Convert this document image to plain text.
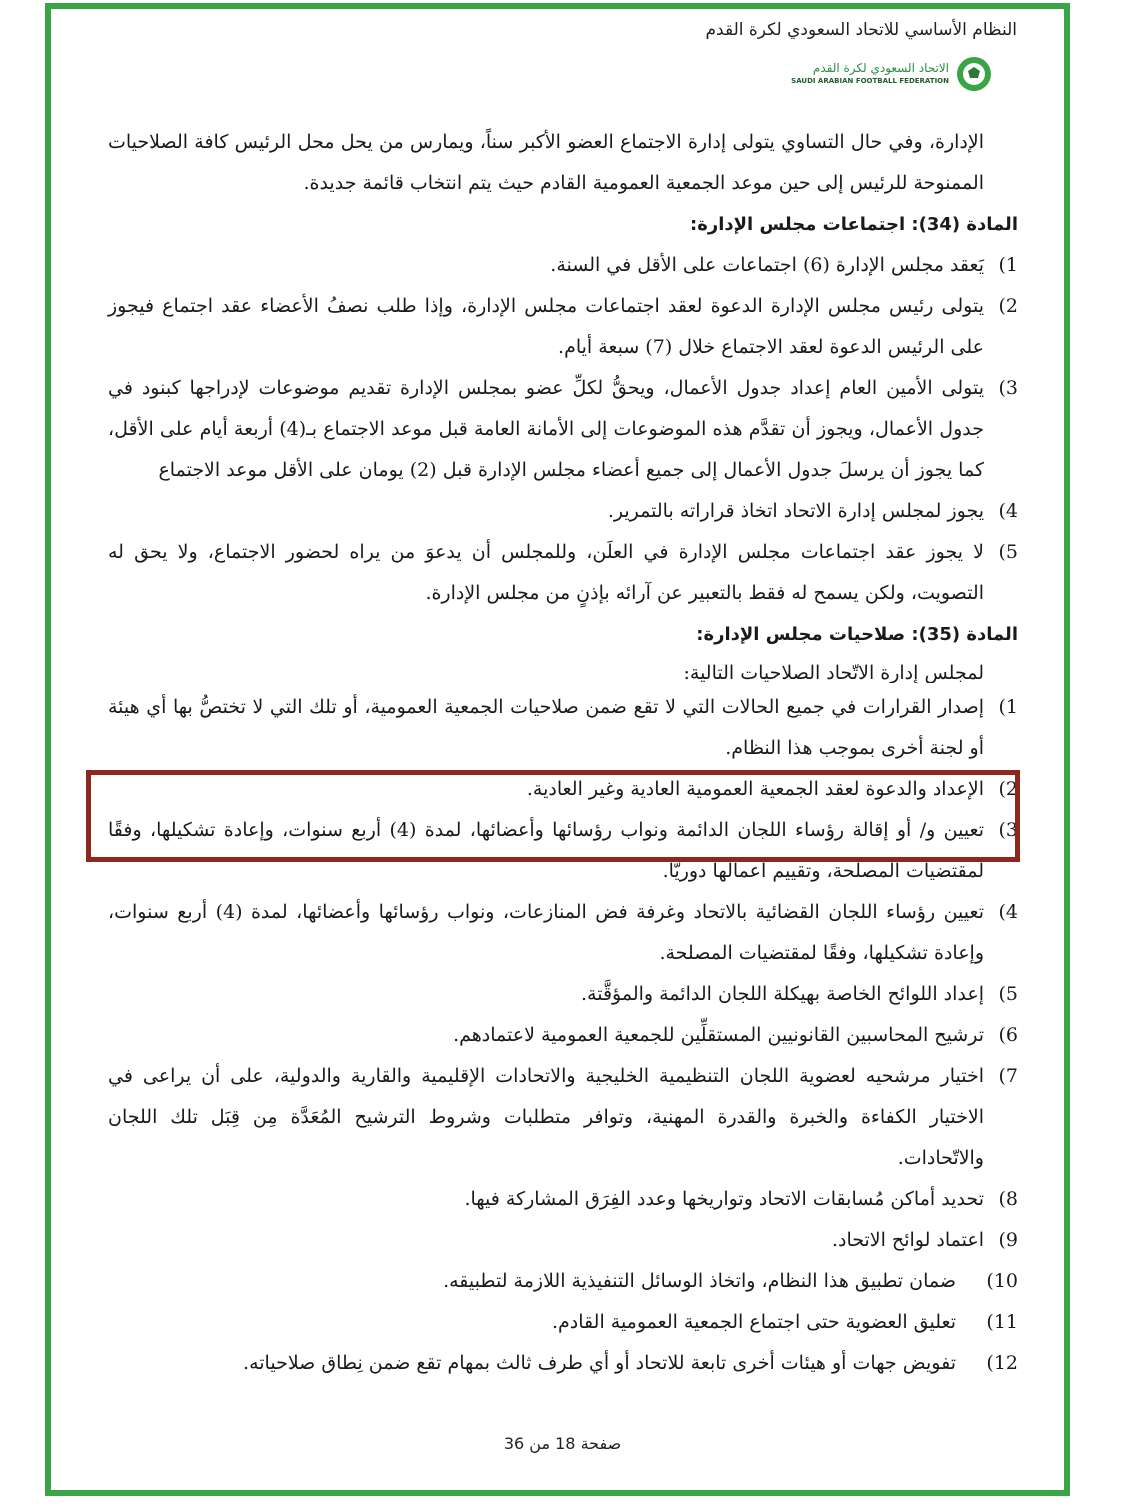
النظام الأساسي للاتحاد السعودي لكرة القدم
الاتحاد السعودي لكرة القدم
SAUDI ARABIAN FOOTBALL FEDERATION

الإدارة، وفي حال التساوي يتولى إدارة الاجتماع العضو الأكبر سناً، ويمارس من يحل محل الرئيس كافة الصلاحيات الممنوحة للرئيس إلى حين موعد الجمعية العمومية القادم حيث يتم انتخاب قائمة جديدة.

المادة (34): اجتماعات مجلس الإدارة:

1)
يَعقد مجلس الإدارة (6) اجتماعات على الأقل في السنة.
2)
يتولى رئيس مجلس الإدارة الدعوة لعقد اجتماعات مجلس الإدارة، وإذا طلب نصفُ الأعضاء عقد اجتماع فيجوز على الرئيس الدعوة لعقد الاجتماع خلال (7) سبعة أيام.
3)
يتولى الأمين العام إعداد جدول الأعمال، ويحقُّ لكلِّ عضو بمجلس الإدارة تقديم موضوعات لإدراجها كبنود في جدول الأعمال، ويجوز أن تقدَّم هذه الموضوعات إلى الأمانة العامة قبل موعد الاجتماع بـ(4) أربعة أيام على الأقل، كما يجوز أن يرسلَ جدول الأعمال إلى جميع أعضاء مجلس الإدارة قبل (2) يومان على الأقل موعد الاجتماع
4)
يجوز لمجلس إدارة الاتحاد اتخاذ قراراته بالتمرير.
5)
لا يجوز عقد اجتماعات مجلس الإدارة في العلَن، وللمجلس أن يدعوَ من يراه لحضور الاجتماع، ولا يحق له التصويت، ولكن يسمح له فقط بالتعبير عن آرائه بإذنٍ من مجلس الإدارة.

المادة (35): صلاحيات مجلس الإدارة:

لمجلس إدارة الاتّحاد الصلاحيات التالية:
1)
إصدار القرارات في جميع الحالات التي لا تقع ضمن صلاحيات الجمعية العمومية، أو تلك التي لا تختصُّ بها أي هيئة أو لجنة أخرى بموجب هذا النظام.
2)
الإعداد والدعوة لعقد الجمعية العمومية العادية وغير العادية.
3)
تعيين و/ أو إقالة رؤساء اللجان الدائمة ونواب رؤسائها وأعضائها، لمدة (4) أربع سنوات، وإعادة تشكيلها، وفقًا لمقتضيات المصلحة، وتقييم أعمالها دوريًّا.
4)
تعيين رؤساء اللجان القضائية بالاتحاد وغرفة فض المنازعات، ونواب رؤسائها وأعضائها، لمدة (4) أربع سنوات، وإعادة تشكيلها، وفقًا لمقتضيات المصلحة.
5)
إعداد اللوائح الخاصة بهيكلة اللجان الدائمة والمؤقَّتة.
6)
ترشيح المحاسبين القانونيين المستقلِّين للجمعية العمومية لاعتمادهم.
7)
اختيار مرشحيه لعضوية اللجان التنظيمية الخليجية والاتحادات الإقليمية والقارية والدولية، على أن يراعى في الاختيار الكفاءة والخبرة والقدرة المهنية، وتوافر متطلبات وشروط الترشيح المُعَدَّة مِن قِبَل تلك اللجان والاتّحادات.
8)
تحديد أماكن مُسابقات الاتحاد وتواريخها وعدد الفِرَق المشاركة فيها.
9)
اعتماد لوائح الاتحاد.
10)
ضمان تطبيق هذا النظام، واتخاذ الوسائل التنفيذية اللازمة لتطبيقه.
11)
تعليق العضوية حتى اجتماع الجمعية العمومية القادم.
12)
تفويض جهات أو هيئات أخرى تابعة للاتحاد أو أي طرف ثالث بمهام تقع ضمن نِطاق صلاحياته.
صفحة 18 من 36
